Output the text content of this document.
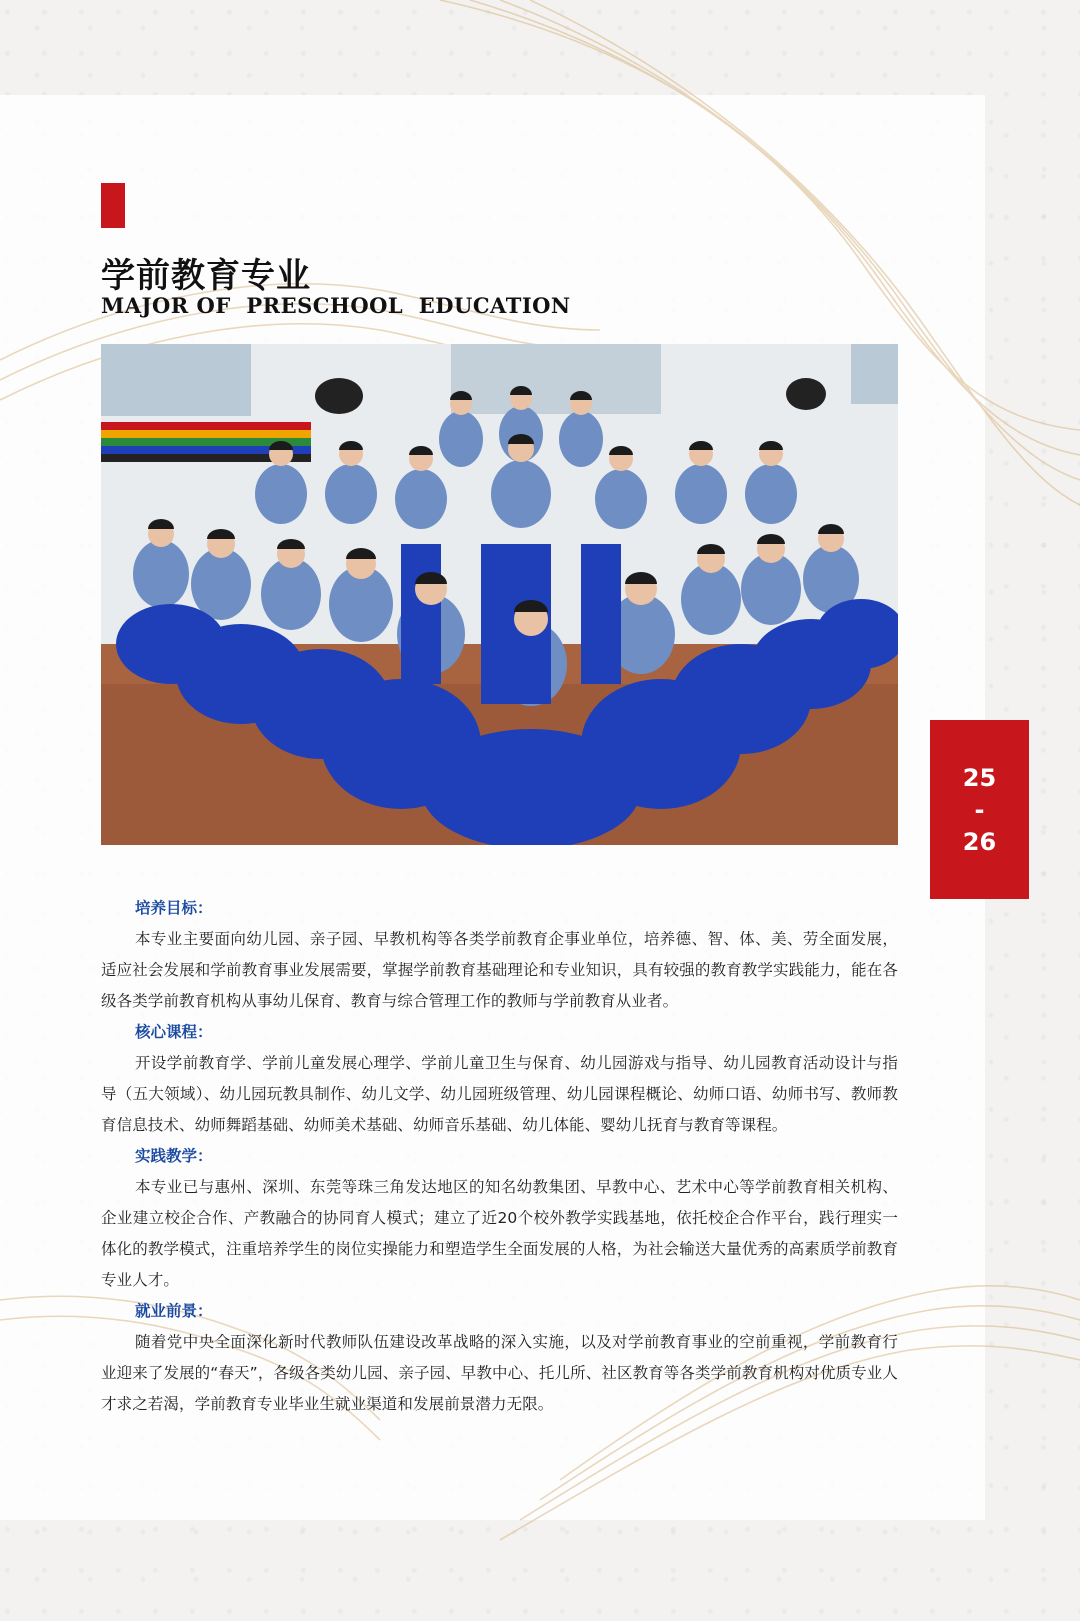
学前教育专业
MAJOR OF  PRESCHOOL  EDUCATION
25
-
26

培养目标：

本专业主要面向幼儿园、亲子园、早教机构等各类学前教育企事业单位，培养德、智、体、美、劳全面发展，适应社会发展和学前教育事业发展需要，掌握学前教育基础理论和专业知识，具有较强的教育教学实践能力，能在各级各类学前教育机构从事幼儿保育、教育与综合管理工作的教师与学前教育从业者。

核心课程：

开设学前教育学、学前儿童发展心理学、学前儿童卫生与保育、幼儿园游戏与指导、幼儿园教育活动设计与指导（五大领域）、幼儿园玩教具制作、幼儿文学、幼儿园班级管理、幼儿园课程概论、幼师口语、幼师书写、教师教育信息技术、幼师舞蹈基础、幼师美术基础、幼师音乐基础、幼儿体能、婴幼儿抚育与教育等课程。

实践教学：

本专业已与惠州、深圳、东莞等珠三角发达地区的知名幼教集团、早教中心、艺术中心等学前教育相关机构、企业建立校企合作、产教融合的协同育人模式；建立了近20个校外教学实践基地，依托校企合作平台，践行理实一体化的教学模式，注重培养学生的岗位实操能力和塑造学生全面发展的人格，为社会输送大量优秀的高素质学前教育专业人才。

就业前景：

随着党中央全面深化新时代教师队伍建设改革战略的深入实施，以及对学前教育事业的空前重视，学前教育行业迎来了发展的“春天”，各级各类幼儿园、亲子园、早教中心、托儿所、社区教育等各类学前教育机构对优质专业人才求之若渴，学前教育专业毕业生就业渠道和发展前景潜力无限。
